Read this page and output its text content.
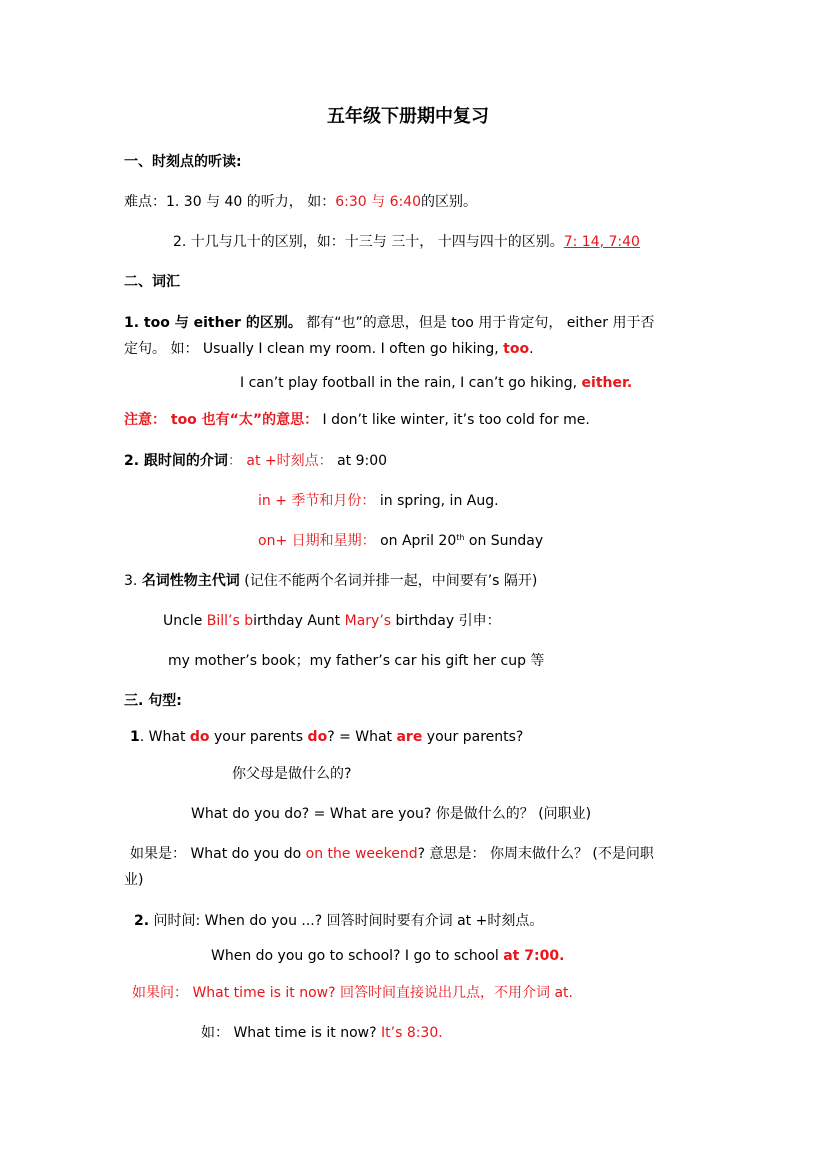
五年级下册期中复习
一、时刻点的听读:
难点：1. 30 与 40 的听力， 如：6:30 与 6:40的区别。
2. 十几与几十的区别，如：十三与 三十， 十四与四十的区别。7: 14, 7:40
二、词汇
1. too 与 either 的区别。 都有“也”的意思，但是 too 用于肯定句， either 用于否
定句。 如： Usually I clean my room. I often go hiking, too.
I can’t play football in the rain, I can’t go hiking, either.
注意： too 也有“太”的意思： I don’t like winter, it’s too cold for me.
2. 跟时间的介词： at +时刻点： at 9:00
in + 季节和月份： in spring, in Aug.
on+ 日期和星期： on April 20th on Sunday
3. 名词性物主代词 (记住不能两个名词并排一起，中间要有’s 隔开)
Uncle Bill’s birthday Aunt Mary’s birthday 引申：
my mother’s book；my father’s car his gift her cup 等
三. 句型:
1. What do your parents do? = What are your parents?
你父母是做什么的?
What do you do? = What are you? 你是做什么的？ (问职业)
如果是： What do you do on the weekend? 意思是： 你周末做什么？ (不是问职
业)
2. 问时间: When do you ...? 回答时间时要有介词 at +时刻点。
When do you go to school? I go to school at 7:00.
如果问： What time is it now? 回答时间直接说出几点，不用介词 at.
如： What time is it now? It’s 8:30.
